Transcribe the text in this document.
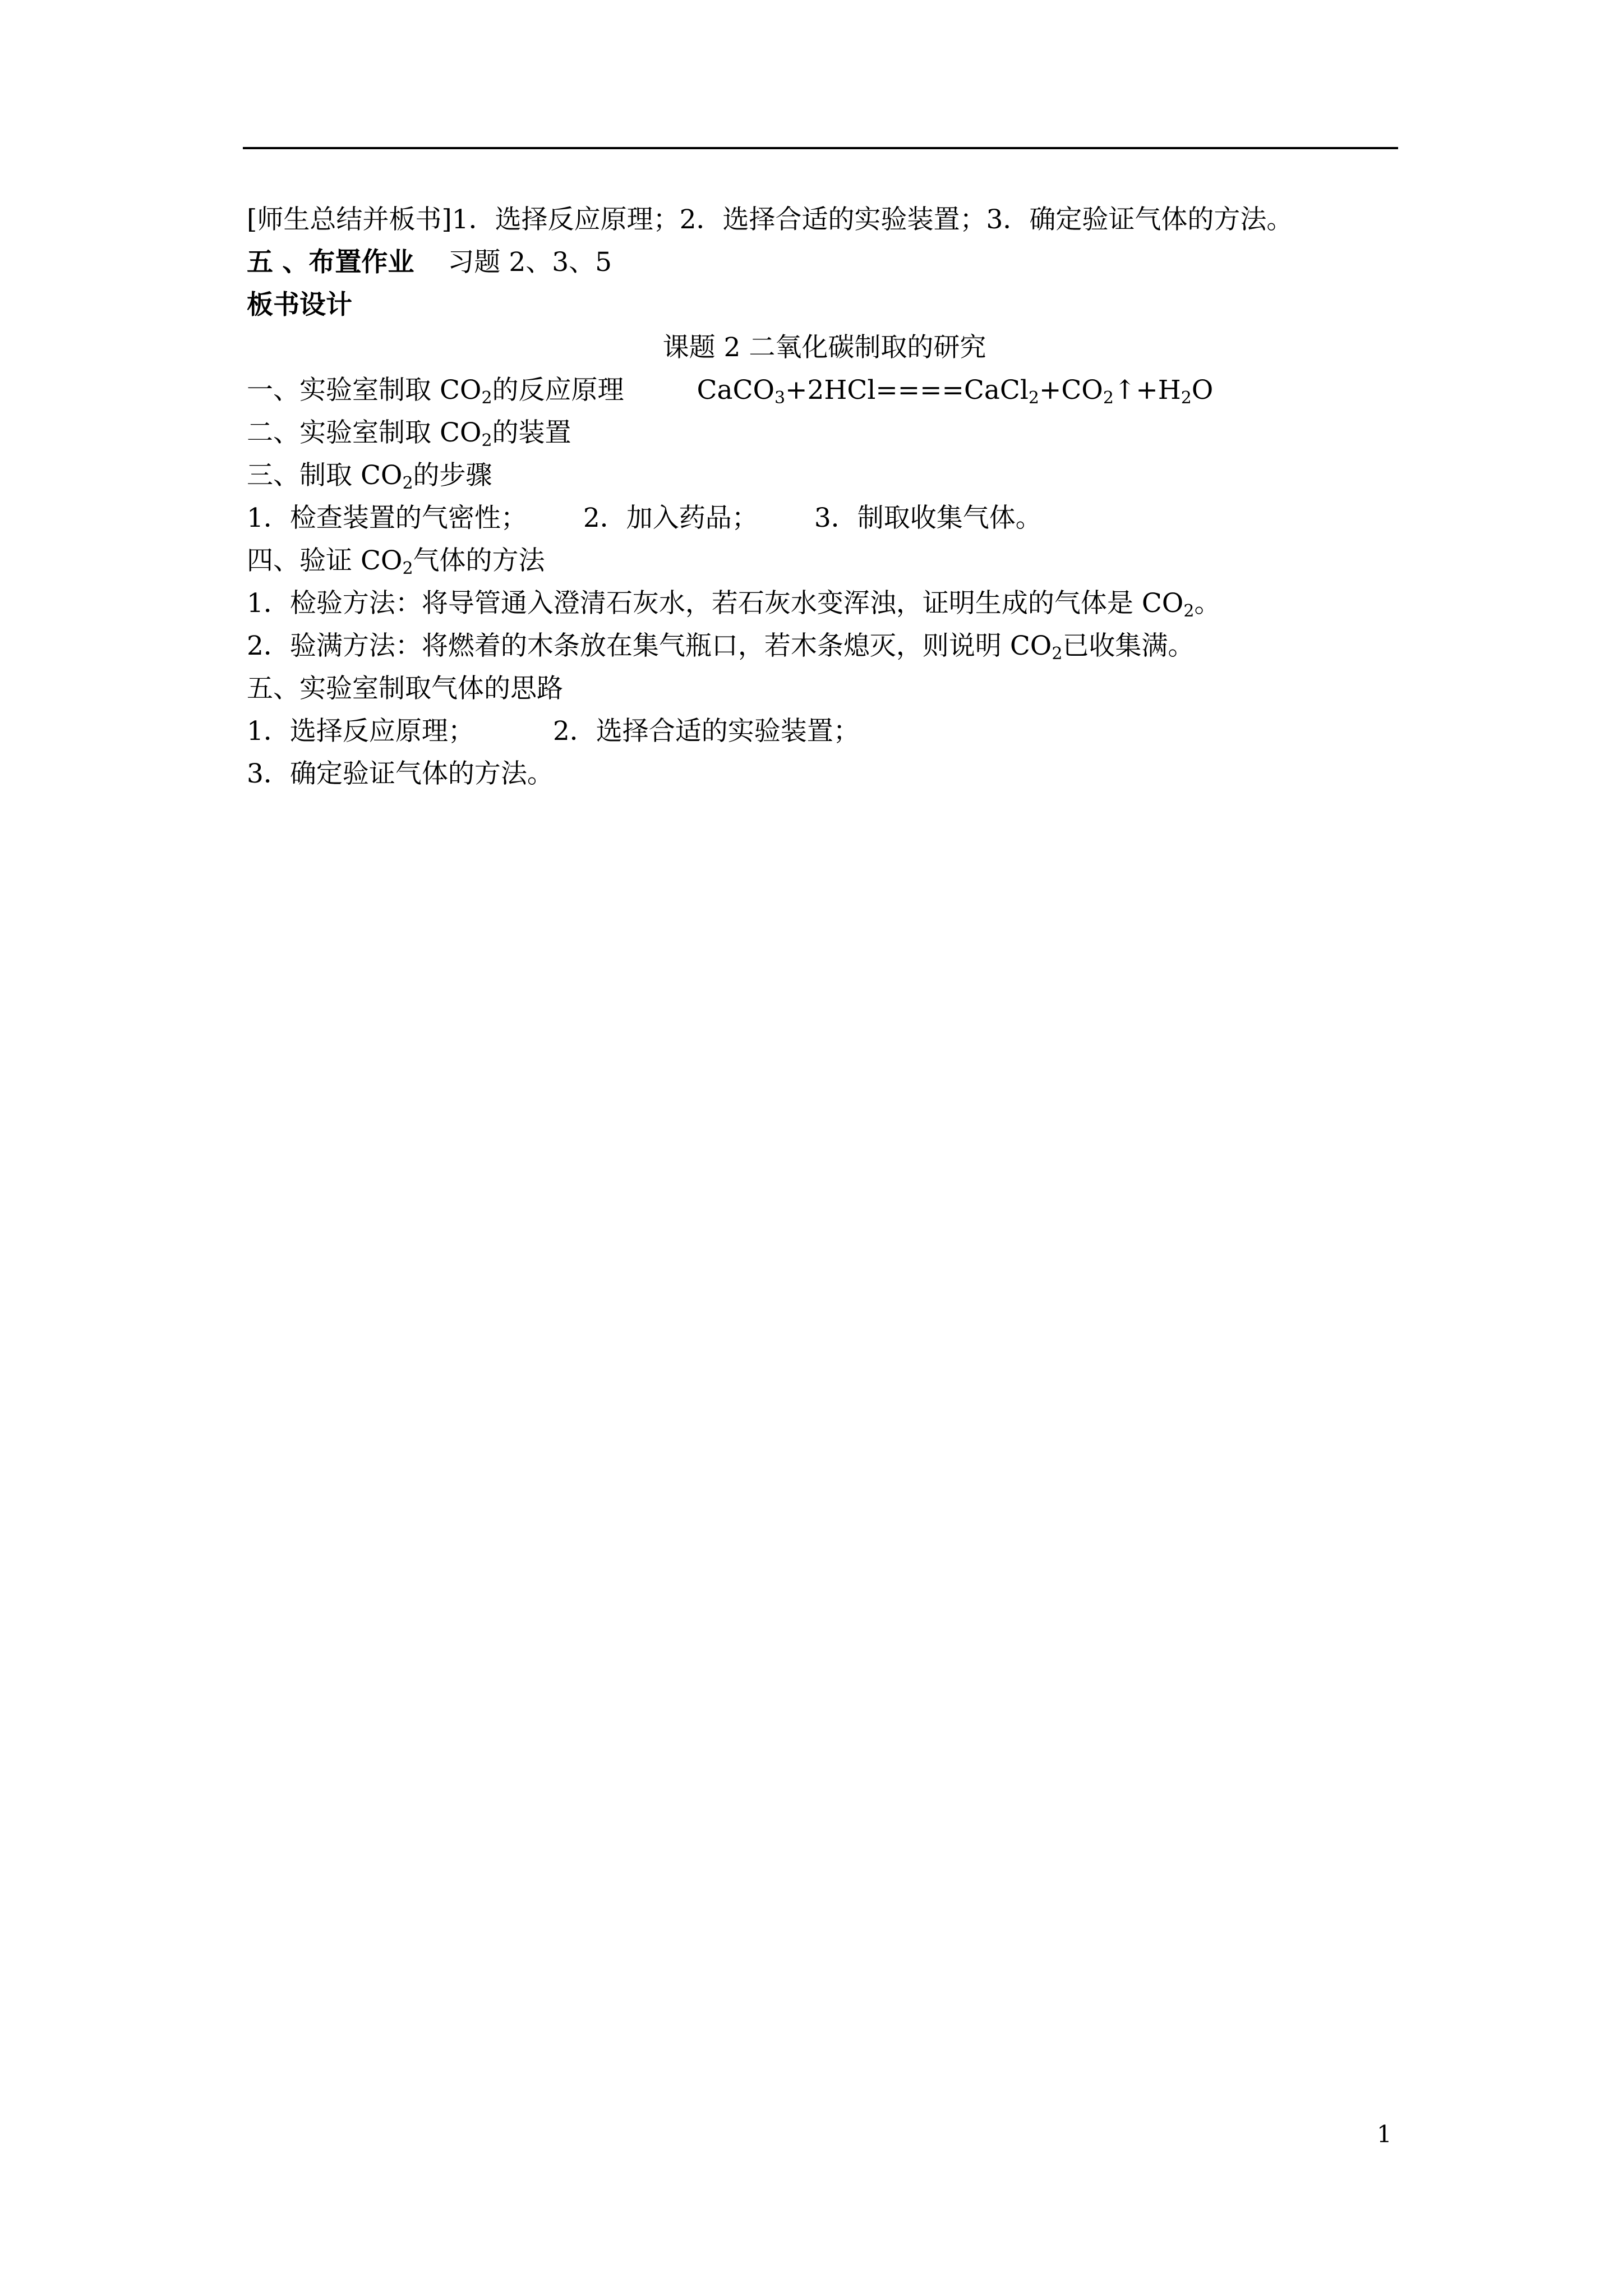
[师生总结并板书]1．选择反应原理；2．选择合适的实验装置；3．确定验证气体的方法。
五 、布置作业 习题 2、3、5
板书设计
课题 2 二氧化碳制取的研究
一、实验室制取 $CO_2$的反应原理	$CaCO_3+2HCl====CaCl_2+CO_2↑+H_2O$
二、实验室制取 $CO_2$的装置
三、制取 $CO_2$的步骤
1．检查装置的气密性； 2．加入药品； 3．制取收集气体。
四、验证 $CO_2$气体的方法
1．检验方法：将导管通入澄清石灰水，若石灰水变浑浊，证明生成的气体是 $CO_2$。
2．验满方法：将燃着的木条放在集气瓶口，若木条熄灭，则说明 $CO_2$已收集满。
五、实验室制取气体的思路
1．选择反应原理；	2．选择合适的实验装置；
3．确定验证气体的方法。
1
